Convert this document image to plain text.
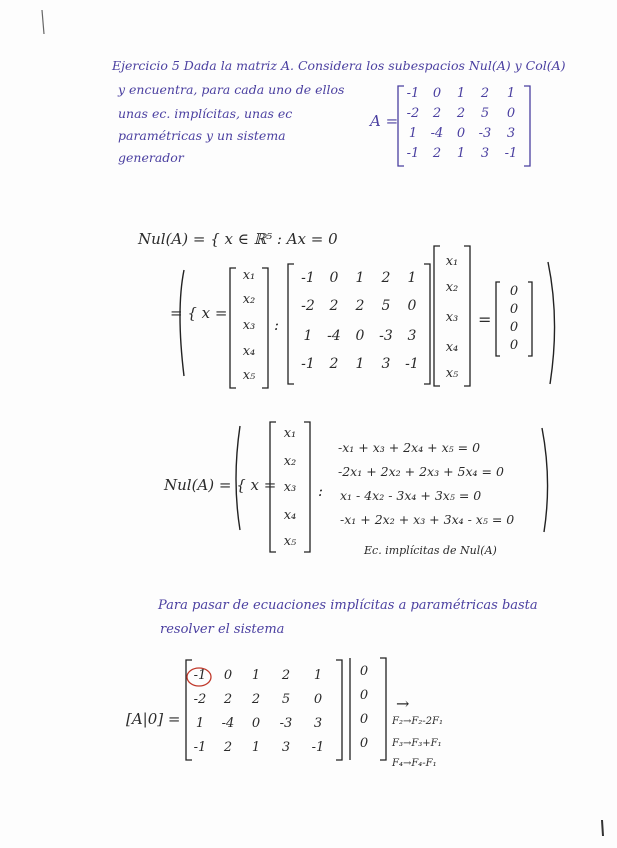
Ejercicio 5 Dada la matriz A. Considera los subespacios Nul(A) y Col(A)
y encuentra, para cada uno de ellos
unas ec. implícitas, unas ec
paramétricas y un sistema
generador
A =
-1	0	1	2	1
-2	2	2	5	0
1	-4	0	-3	3
-1	2	1	3	-1
Nul(A) = { x ∈ ℝ⁵ : Ax = 0
= { x =
x₁
x₂
x₃
x₄
x₅
:
-1	0	1	2	1
-2	2	2	5	0
1	-4	0	-3	3
-1	2	1	3	-1
x₁
x₂
x₃
x₄
x₅
=
0
0
0
0
Nul(A) = { x =
x₁
x₂
x₃
x₄
x₅
:
-x₁ + x₃ + 2x₄ + x₅ = 0
-2x₁ + 2x₂ + 2x₃ + 5x₄ = 0
x₁ - 4x₂ - 3x₄ + 3x₅ = 0
-x₁ + 2x₂ + x₃ + 3x₄ - x₅ = 0
Ec. implícitas de Nul(A)
Para pasar de ecuaciones implícitas a paramétricas basta
resolver el sistema
[A|0] =
-1	0	1	2	1
-2	2	2	5	0
1	-4	0	-3	3
-1	2	1	3	-1
0
0
0
0
→
F₂→F₂-2F₁
F₃→F₃+F₁
F₄→F₄-F₁
